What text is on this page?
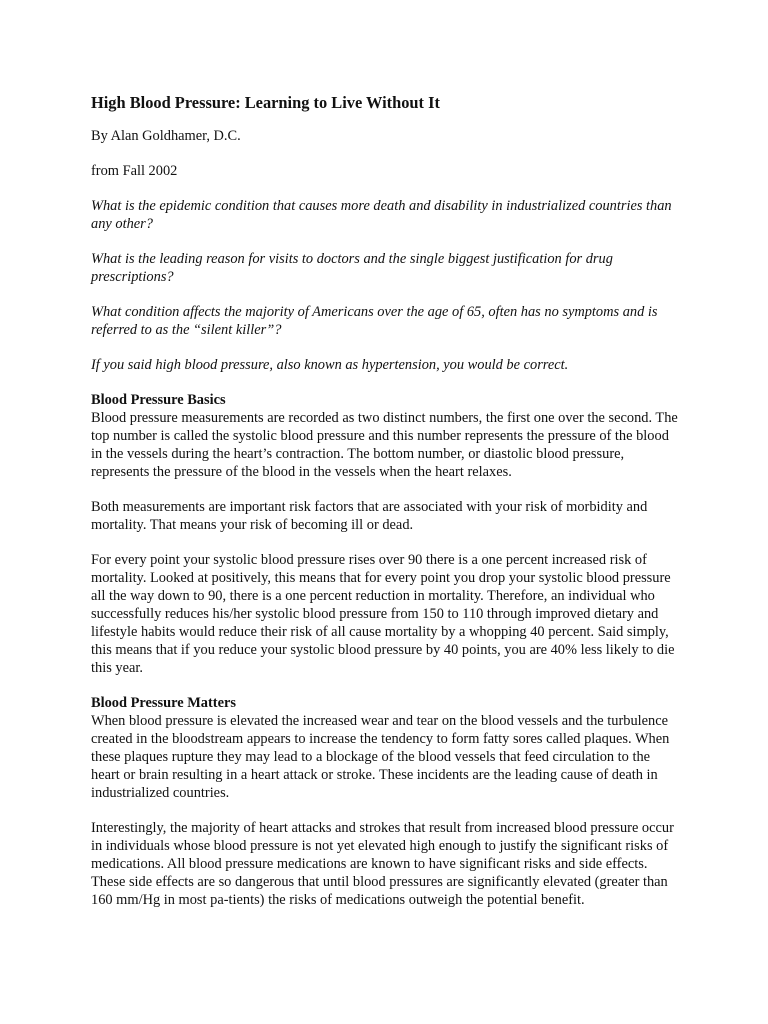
High Blood Pressure: Learning to Live Without It
By Alan Goldhamer, D.C.
from Fall 2002
What is the epidemic condition that causes more death and disability in industrialized countries than any other?
What is the leading reason for visits to doctors and the single biggest justification for drug prescriptions?
What condition affects the majority of Americans over the age of 65, often has no symptoms and is referred to as the “silent killer”?
If you said high blood pressure, also known as hypertension, you would be correct.
Blood Pressure Basics
Blood pressure measurements are recorded as two distinct numbers, the first one over the second. The top number is called the systolic blood pressure and this number represents the pressure of the blood in the vessels during the heart’s contraction. The bottom number, or diastolic blood pressure, represents the pressure of the blood in the vessels when the heart relaxes.
Both measurements are important risk factors that are associated with your risk of morbidity and mortality. That means your risk of becoming ill or dead.
For every point your systolic blood pressure rises over 90 there is a one percent increased risk of mortality. Looked at positively, this means that for every point you drop your systolic blood pressure all the way down to 90, there is a one percent reduction in mortality. Therefore, an individual who successfully reduces his/her systolic blood pressure from 150 to 110 through improved dietary and lifestyle habits would reduce their risk of all cause mortality by a whopping 40 percent. Said simply, this means that if you reduce your systolic blood pressure by 40 points, you are 40% less likely to die this year.
Blood Pressure Matters
When blood pressure is elevated the increased wear and tear on the blood vessels and the turbulence created in the bloodstream appears to increase the tendency to form fatty sores called plaques. When these plaques rupture they may lead to a blockage of the blood vessels that feed circulation to the heart or brain resulting in a heart attack or stroke. These incidents are the leading cause of death in industrialized countries.
Interestingly, the majority of heart attacks and strokes that result from increased blood pressure occur in individuals whose blood pressure is not yet elevated high enough to justify the significant risks of medications. All blood pressure medications are known to have significant risks and side effects. These side effects are so dangerous that until blood pressures are significantly elevated (greater than 160 mm/Hg in most pa-tients) the risks of medications outweigh the potential benefit.
